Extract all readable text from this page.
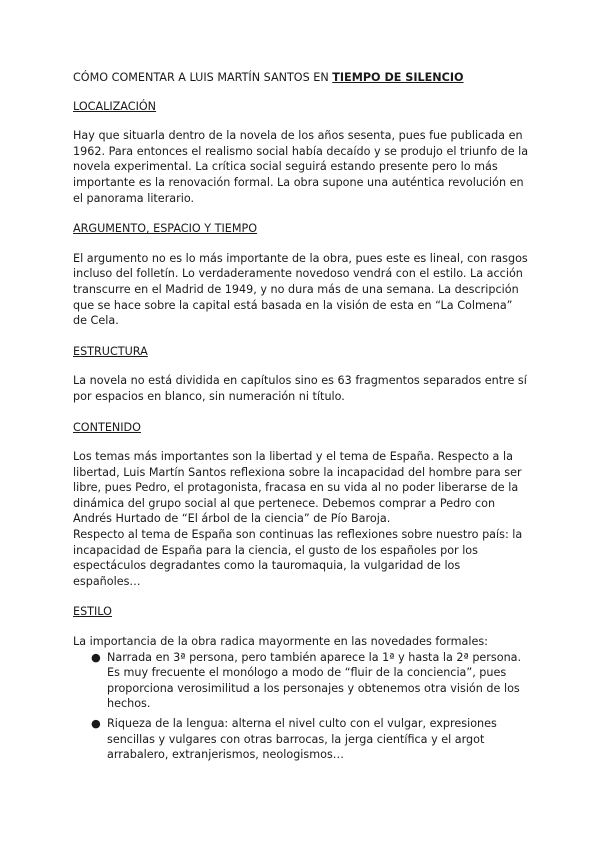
CÓMO COMENTAR A LUIS MARTÍN SANTOS EN TIEMPO DE SILENCIO

LOCALIZACIÓN

Hay que situarla dentro de la novela de los años sesenta, pues fue publicada en 1962. Para entonces el realismo social había decaído y se produjo el triunfo de la novela experimental. La crítica social seguirá estando presente pero lo más importante es la renovación formal. La obra supone una auténtica revolución en el panorama literario.

ARGUMENTO, ESPACIO Y TIEMPO

El argumento no es lo más importante de la obra, pues este es lineal, con rasgos incluso del folletín. Lo verdaderamente novedoso vendrá con el estilo. La acción transcurre en el Madrid de 1949, y no dura más de una semana. La descripción que se hace sobre la capital está basada en la visión de esta en “La Colmena” de Cela.

ESTRUCTURA

La novela no está dividida en capítulos sino es 63 fragmentos separados entre sí por espacios en blanco, sin numeración ni título.

CONTENIDO

Los temas más importantes son la libertad y el tema de España. Respecto a la libertad, Luis Martín Santos reflexiona sobre la incapacidad del hombre para ser libre, pues Pedro, el protagonista, fracasa en su vida al no poder liberarse de la dinámica del grupo social al que pertenece. Debemos comprar a Pedro con Andrés Hurtado de “El árbol de la ciencia” de Pío Baroja.

Respecto al tema de España son continuas las reflexiones sobre nuestro país: la incapacidad de España para la ciencia, el gusto de los españoles por los espectáculos degradantes como la tauromaquia, la vulgaridad de los españoles…

ESTILO

La importancia de la obra radica mayormente en las novedades formales:

● Narrada en 3ª persona, pero también aparece la 1ª y hasta la 2ª persona. Es muy frecuente el monólogo a modo de “fluir de la conciencia”, pues proporciona verosimilitud a los personajes y obtenemos otra visión de los hechos.
● Riqueza de la lengua: alterna el nivel culto con el vulgar, expresiones sencillas y vulgares con otras barrocas, la jerga científica y el argot arrabalero, extranjerismos, neologismos…
